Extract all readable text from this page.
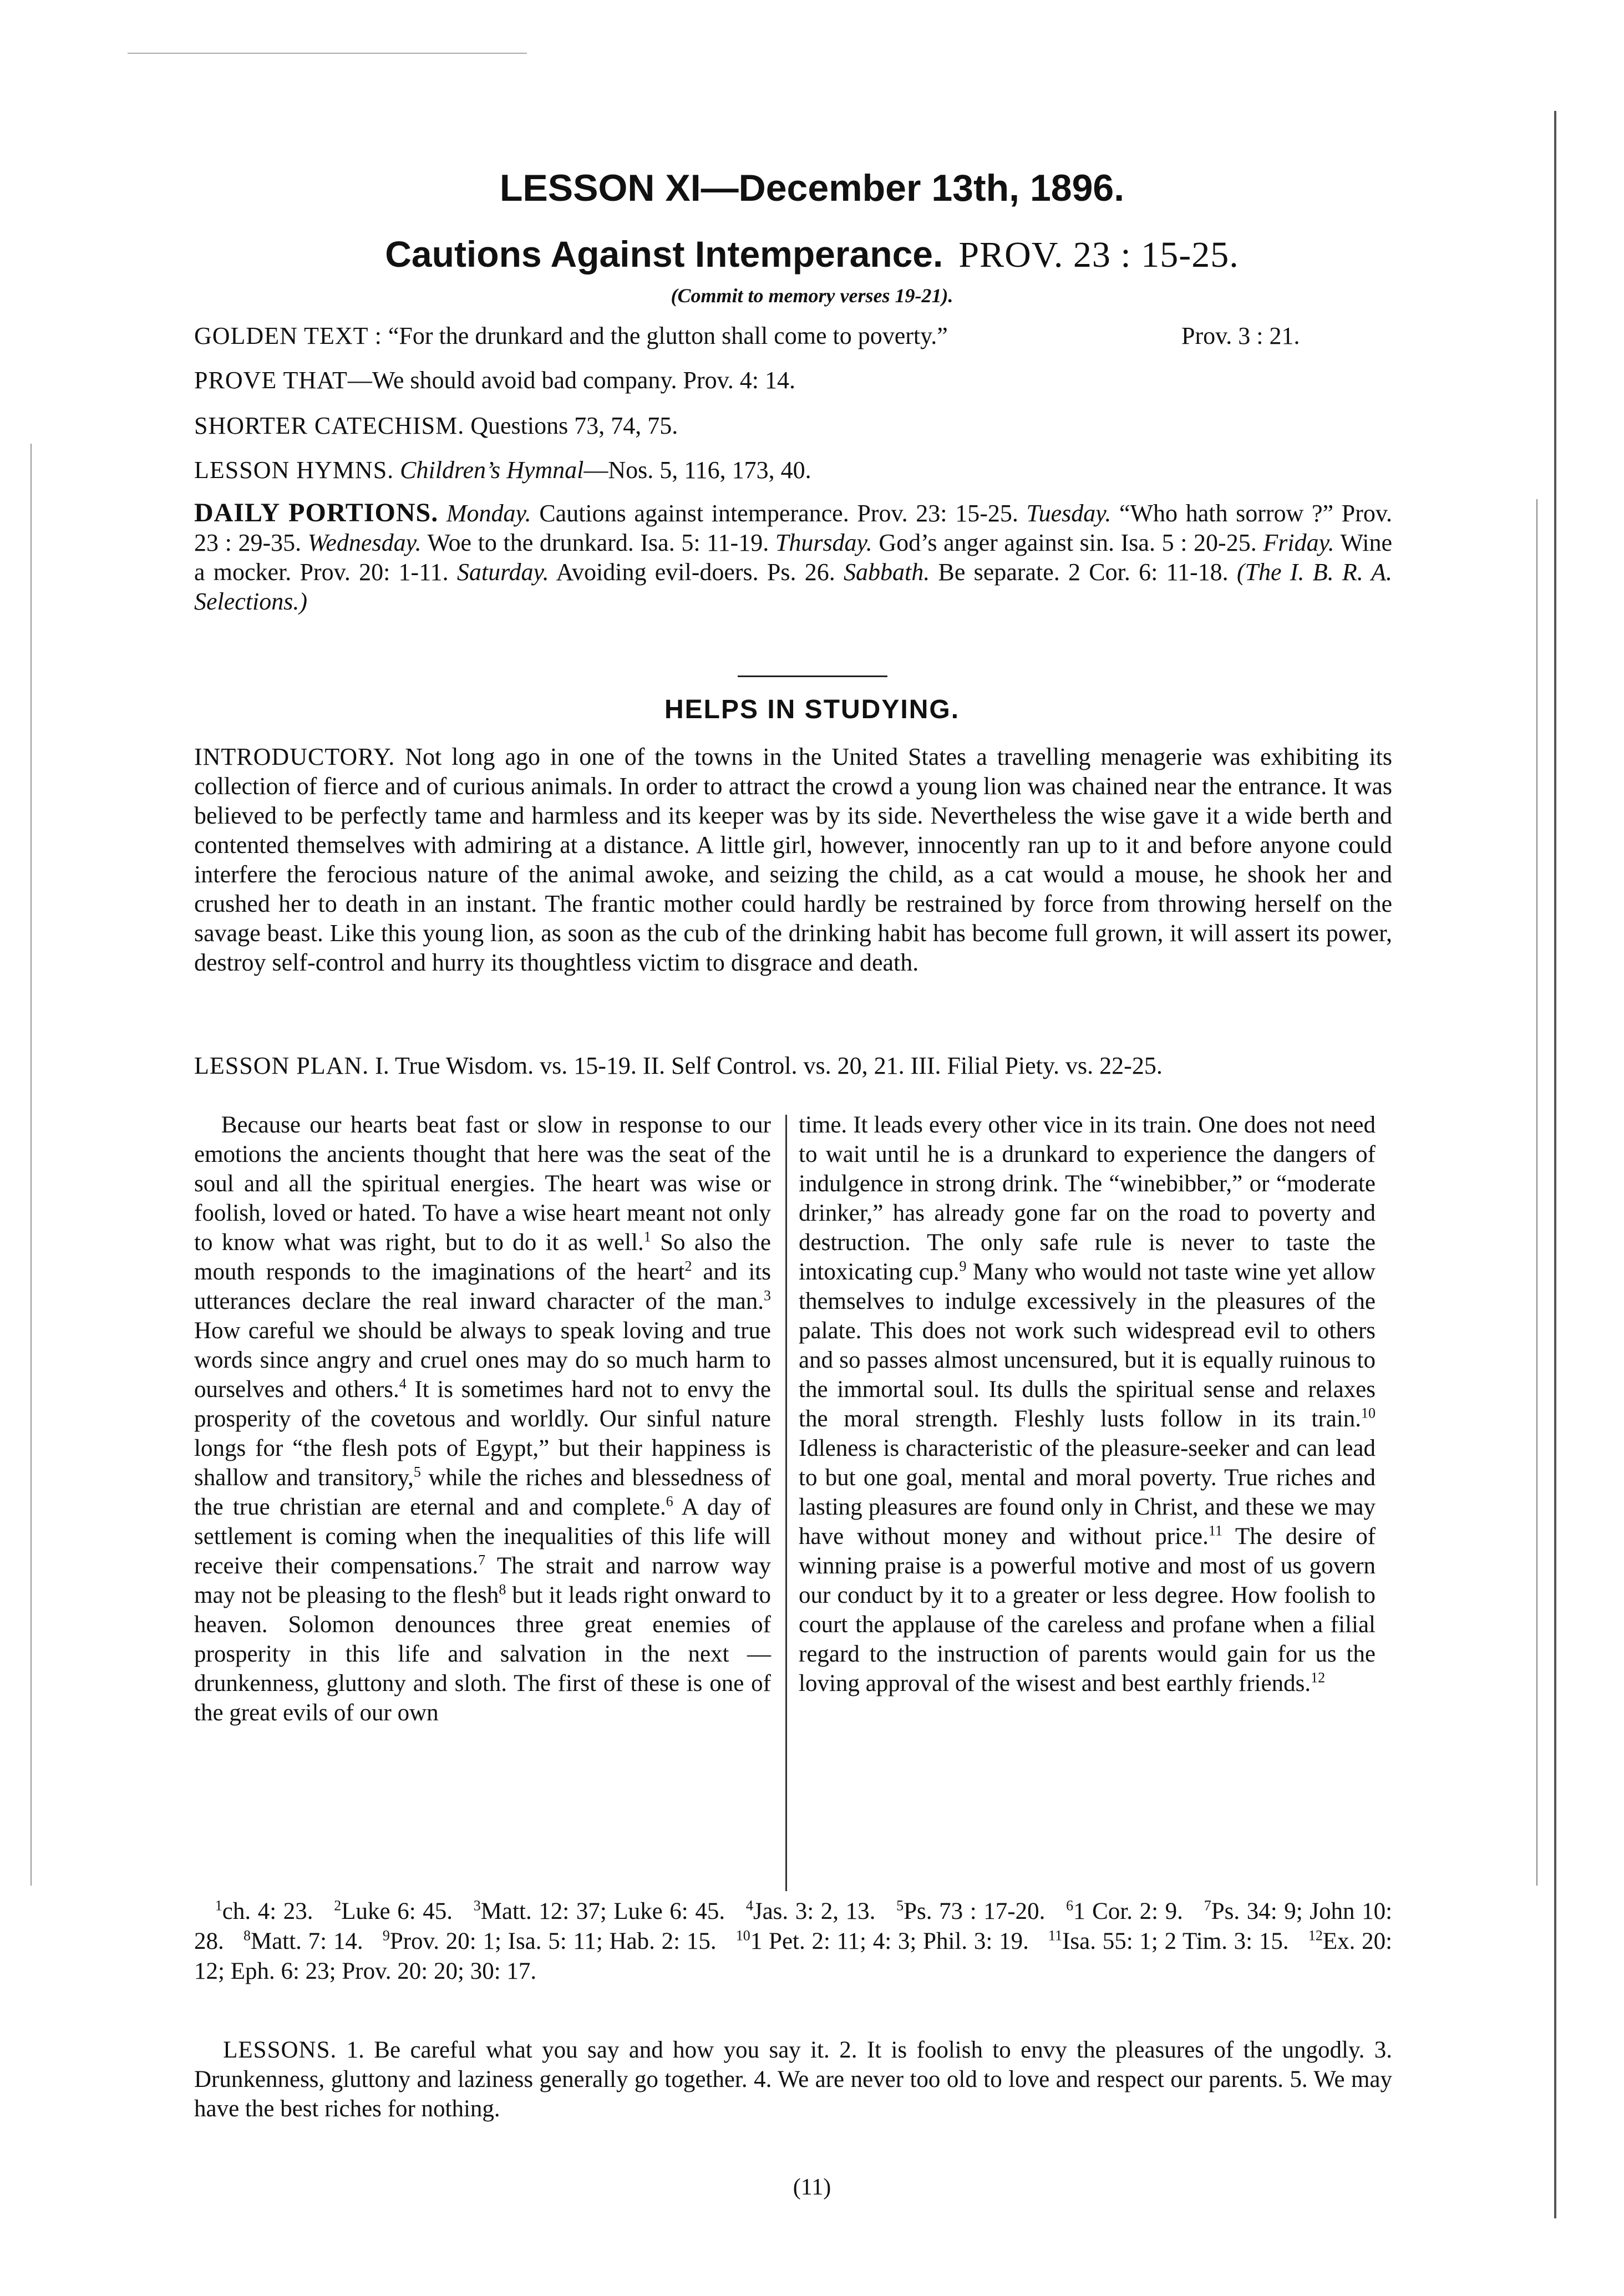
LESSON XI—December 13th, 1896.
Cautions Against Intemperance. PROV. 23 : 15-25.
(Commit to memory verses 19-21).
GOLDEN TEXT : “For the drunkard and the glutton shall come to poverty.”	Prov. 3 : 21.
PROVE THAT—We should avoid bad company. Prov. 4: 14.
SHORTER CATECHISM. Questions 73, 74, 75.
LESSON HYMNS. Children’s Hymnal—Nos. 5, 116, 173, 40.
DAILY PORTIONS. Monday. Cautions against intemperance. Prov. 23: 15-25. Tuesday. “Who hath sorrow ?” Prov. 23 : 29-35. Wednesday. Woe to the drunkard. Isa. 5: 11-19. Thursday. God’s anger against sin. Isa. 5 : 20-25. Friday. Wine a mocker. Prov. 20: 1-11. Saturday. Avoiding evil-doers. Ps. 26. Sabbath. Be separate. 2 Cor. 6: 11-18. (The I. B. R. A. Selections.)
HELPS IN STUDYING.
INTRODUCTORY. Not long ago in one of the towns in the United States a travelling menagerie was exhibiting its collection of fierce and of curious animals. In order to attract the crowd a young lion was chained near the entrance. It was believed to be perfectly tame and harmless and its keeper was by its side. Nevertheless the wise gave it a wide berth and contented themselves with admiring at a distance. A little girl, however, innocently ran up to it and before anyone could interfere the ferocious nature of the animal awoke, and seizing the child, as a cat would a mouse, he shook her and crushed her to death in an instant. The frantic mother could hardly be restrained by force from throwing herself on the savage beast. Like this young lion, as soon as the cub of the drinking habit has become full grown, it will assert its power, destroy self-control and hurry its thoughtless victim to disgrace and death.
LESSON PLAN. I. True Wisdom. vs. 15-19. II. Self Control. vs. 20, 21. III. Filial Piety. vs. 22-25.
Because our hearts beat fast or slow in response to our emotions the ancients thought that here was the seat of the soul and all the spiritual energies. The heart was wise or foolish, loved or hated. To have a wise heart meant not only to know what was right, but to do it as well.$^1$ So also the mouth responds to the imaginations of the heart$^2$ and its utterances declare the real inward character of the man.$^3$ How careful we should be always to speak loving and true words since angry and cruel ones may do so much harm to ourselves and others.$^4$ It is sometimes hard not to envy the prosperity of the covetous and worldly. Our sinful nature longs for “the flesh pots of Egypt,” but their happiness is shallow and transitory,$^5$ while the riches and blessedness of the true christian are eternal and and complete.$^6$ A day of settlement is coming when the inequalities of this life will receive their compensations.$^7$ The strait and narrow way may not be pleasing to the flesh$^8$ but it leads right onward to heaven. Solomon denounces three great enemies of prosperity in this life and salvation in the next —drunkenness, gluttony and sloth. The first of these is one of the great evils of our own
time. It leads every other vice in its train. One does not need to wait until he is a drunkard to experience the dangers of indulgence in strong drink. The “winebibber,” or “moderate drinker,” has already gone far on the road to poverty and destruction. The only safe rule is never to taste the intoxicating cup.$^9$ Many who would not taste wine yet allow themselves to indulge excessively in the pleasures of the palate. This does not work such widespread evil to others and so passes almost uncensured, but it is equally ruinous to the immortal soul. Its dulls the spiritual sense and relaxes the moral strength. Fleshly lusts follow in its train.$^{10}$ Idleness is characteristic of the pleasure-seeker and can lead to but one goal, mental and moral poverty. True riches and lasting pleasures are found only in Christ, and these we may have without money and without price.$^{11}$ The desire of winning praise is a powerful motive and most of us govern our conduct by it to a greater or less degree. How foolish to court the applause of the careless and profane when a filial regard to the instruction of parents would gain for us the loving approval of the wisest and best earthly friends.$^{12}$
$^1$ch. 4: 23. $^2$Luke 6: 45. $^3$Matt. 12: 37; Luke 6: 45. $^4$Jas. 3: 2, 13. $^5$Ps. 73 : 17-20. $^6$1 Cor. 2: 9. $^7$Ps. 34: 9; John 10: 28. $^8$Matt. 7: 14. $^9$Prov. 20: 1; Isa. 5: 11; Hab. 2: 15. $^{10}$1 Pet. 2: 11; 4: 3; Phil. 3: 19. $^{11}$Isa. 55: 1; 2 Tim. 3: 15. $^{12}$Ex. 20: 12; Eph. 6: 23; Prov. 20: 20; 30: 17.
LESSONS. 1. Be careful what you say and how you say it. 2. It is foolish to envy the pleasures of the ungodly. 3. Drunkenness, gluttony and laziness generally go together. 4. We are never too old to love and respect our parents. 5. We may have the best riches for nothing.
(11)
